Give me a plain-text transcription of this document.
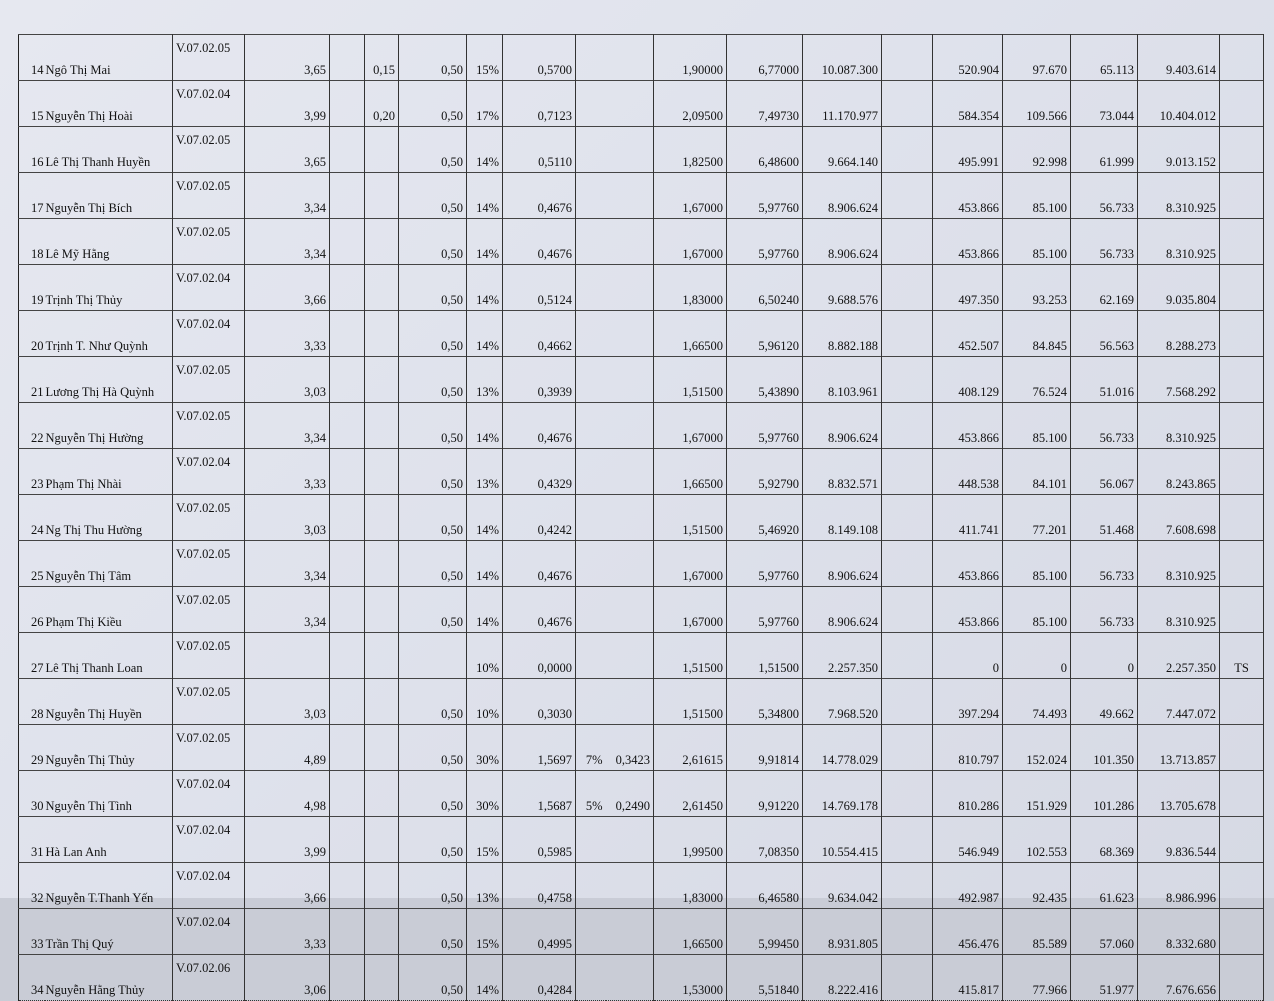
14	Ngô Thị Mai	V.07.02.05	3,65		0,15	0,50	15%	0,5700			1,90000	6,77000	10.087.300		520.904	97.670	65.113	9.403.614	
15	Nguyễn Thị Hoài	V.07.02.04	3,99		0,20	0,50	17%	0,7123			2,09500	7,49730	11.170.977		584.354	109.566	73.044	10.404.012	
16	Lê Thị Thanh Huyền	V.07.02.05	3,65			0,50	14%	0,5110			1,82500	6,48600	9.664.140		495.991	92.998	61.999	9.013.152	
17	Nguyễn Thị Bích	V.07.02.05	3,34			0,50	14%	0,4676			1,67000	5,97760	8.906.624		453.866	85.100	56.733	8.310.925	
18	Lê Mỹ Hằng	V.07.02.05	3,34			0,50	14%	0,4676			1,67000	5,97760	8.906.624		453.866	85.100	56.733	8.310.925	
19	Trịnh Thị Thủy	V.07.02.04	3,66			0,50	14%	0,5124			1,83000	6,50240	9.688.576		497.350	93.253	62.169	9.035.804	
20	Trịnh T. Như Quỳnh	V.07.02.04	3,33			0,50	14%	0,4662			1,66500	5,96120	8.882.188		452.507	84.845	56.563	8.288.273	
21	Lương Thị Hà Quỳnh	V.07.02.05	3,03			0,50	13%	0,3939			1,51500	5,43890	8.103.961		408.129	76.524	51.016	7.568.292	
22	Nguyễn Thị Hường	V.07.02.05	3,34			0,50	14%	0,4676			1,67000	5,97760	8.906.624		453.866	85.100	56.733	8.310.925	
23	Phạm Thị Nhài	V.07.02.04	3,33			0,50	13%	0,4329			1,66500	5,92790	8.832.571		448.538	84.101	56.067	8.243.865	
24	Ng Thị Thu Hường	V.07.02.05	3,03			0,50	14%	0,4242			1,51500	5,46920	8.149.108		411.741	77.201	51.468	7.608.698	
25	Nguyễn Thị Tâm	V.07.02.05	3,34			0,50	14%	0,4676			1,67000	5,97760	8.906.624		453.866	85.100	56.733	8.310.925	
26	Phạm Thị Kiều	V.07.02.05	3,34			0,50	14%	0,4676			1,67000	5,97760	8.906.624		453.866	85.100	56.733	8.310.925	
27	Lê Thị Thanh Loan	V.07.02.05					10%	0,0000			1,51500	1,51500	2.257.350		0	0	0	2.257.350	TS
28	Nguyễn Thị Huyền	V.07.02.05	3,03			0,50	10%	0,3030			1,51500	5,34800	7.968.520		397.294	74.493	49.662	7.447.072	
29	Nguyễn Thị Thủy	V.07.02.05	4,89			0,50	30%	1,5697	7%	0,3423	2,61615	9,91814	14.778.029		810.797	152.024	101.350	13.713.857	
30	Nguyễn Thị Tình	V.07.02.04	4,98			0,50	30%	1,5687	5%	0,2490	2,61450	9,91220	14.769.178		810.286	151.929	101.286	13.705.678	
31	Hà Lan Anh	V.07.02.04	3,99			0,50	15%	0,5985			1,99500	7,08350	10.554.415		546.949	102.553	68.369	9.836.544	
32	Nguyễn T.Thanh Yến	V.07.02.04	3,66			0,50	13%	0,4758			1,83000	6,46580	9.634.042		492.987	92.435	61.623	8.986.996	
33	Trần Thị Quý	V.07.02.04	3,33			0,50	15%	0,4995			1,66500	5,99450	8.931.805		456.476	85.589	57.060	8.332.680	
34	Nguyễn Hằng Thủy	V.07.02.06	3,06			0,50	14%	0,4284			1,53000	5,51840	8.222.416		415.817	77.966	51.977	7.676.656	
